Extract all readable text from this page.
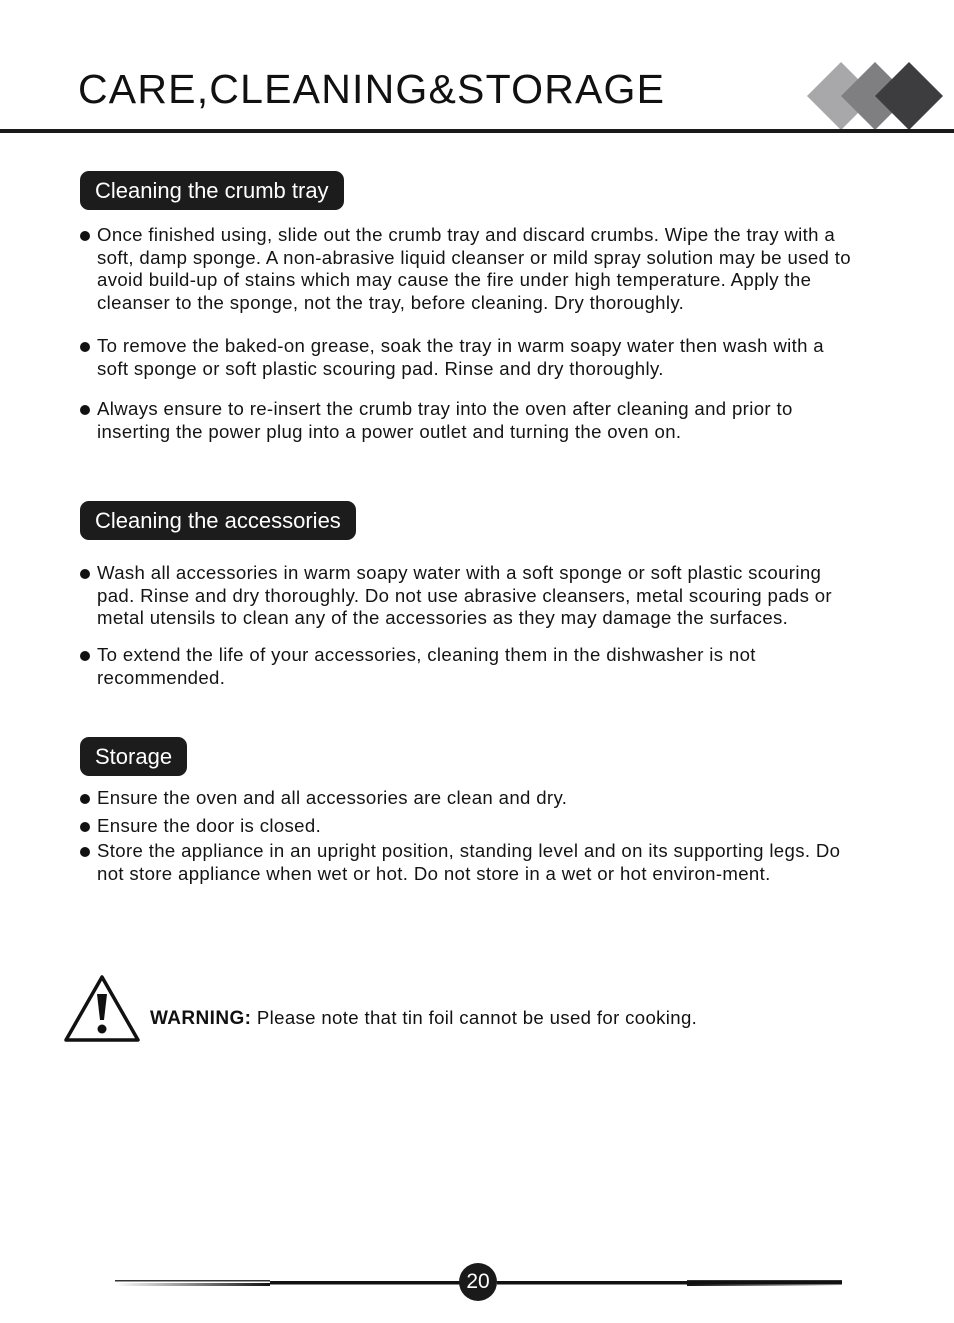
CARE,CLEANING&STORAGE
Cleaning the crumb tray
Once finished using, slide out the crumb tray and discard crumbs. Wipe the tray with a soft, damp sponge. A non-abrasive liquid cleanser or mild spray solution may be used to avoid build-up of stains which may cause the fire under high temperature. Apply the cleanser to the sponge, not the tray, before cleaning. Dry thoroughly.
To remove the baked-on grease, soak the tray in warm soapy water then wash with a soft sponge or soft plastic scouring pad. Rinse and dry thoroughly.
Always ensure to re-insert the crumb tray into the oven after cleaning and prior to inserting the power plug into a power outlet and turning the oven on.
Cleaning the accessories
Wash all accessories in warm soapy water with a soft sponge or soft plastic scouring pad. Rinse and dry thoroughly. Do not use abrasive cleansers, metal scouring pads or metal utensils to clean any of the accessories as they may damage the surfaces.
To extend the life of your accessories, cleaning them in the dishwasher is not recommended.
Storage
Ensure the oven and all accessories are clean and dry.
Ensure the door is closed.
Store the appliance in an upright position, standing level and on its supporting legs. Do not store appliance when wet or hot. Do not store in a wet or hot environ-ment.

WARNING: Please note that tin foil cannot be used for cooking.

20
